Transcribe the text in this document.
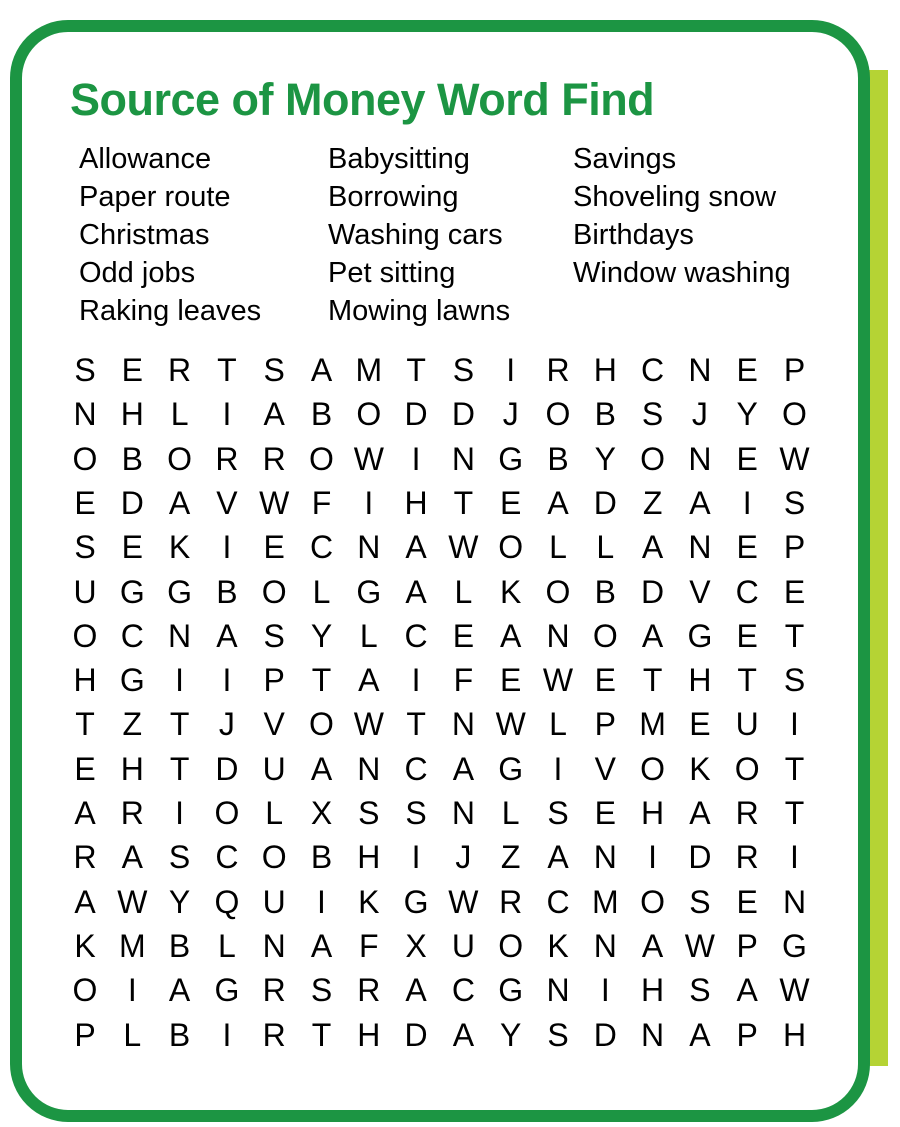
Source of Money Word Find
Allowance
Paper route
Christmas
Odd jobs
Raking leaves
Babysitting
Borrowing
Washing cars
Pet sitting
Mowing lawns
Savings
Shoveling snow
Birthdays
Window washing
S E R T S A M T S	I R H C N E P
N H L	I	A B O D D J O B S J Y O
O B O R R O W I N G B Y O N E W
E D A V W F	I H T E A D Z A	I	S
S E K	I	E C N A W O L L A N E P
U G G B O L G A L K O B D V C E
O C N A S Y L C E A N O A G E T
H G I	I	P T A	I	F E W E T H T S
T Z T J V O W T N W L P M E U I
E H T D U A N C A G I	V O K O T
A R I O L X S S N L S E H A R T
R A S C O B H I	J Z A N I D R I
A W Y Q U I	K G W R C M O S E N
K M B L N A F X U O K N A W P G
O I	A G R S R A C G N I H S A W
P L B	I R T H D A Y S D N A P H
